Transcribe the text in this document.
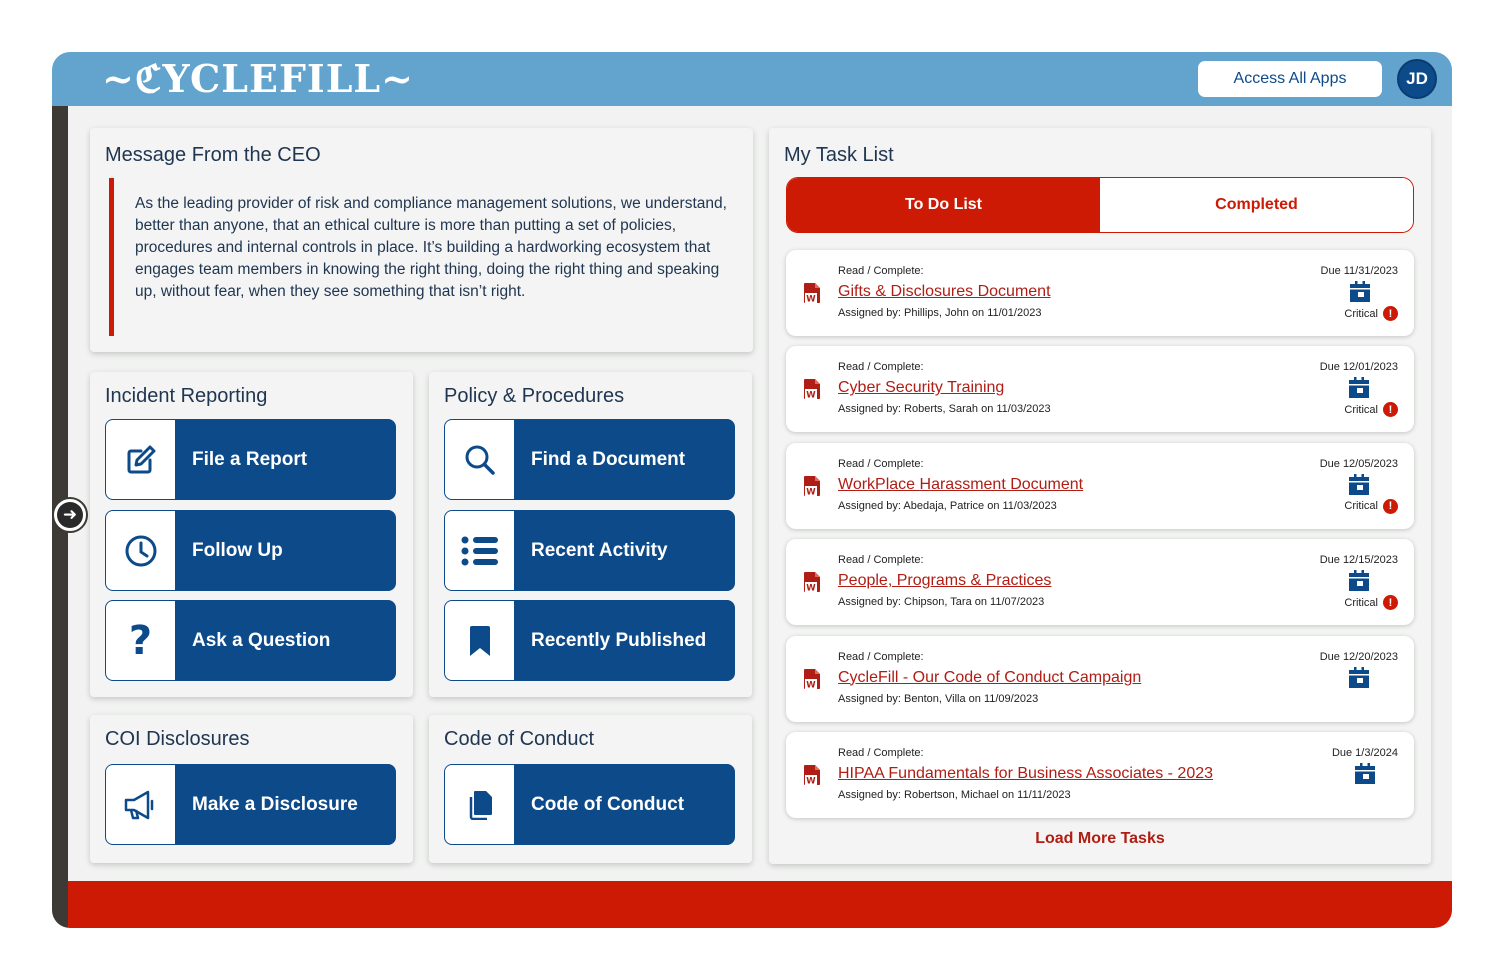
~ℭYCLEFILL~	Access All Apps	JD
➜
Message From the CEO
As the leading provider of risk and compliance management solutions, we understand, better than anyone, that an ethical culture is more than putting a set of policies, procedures and internal controls in place. It’s building a hardworking ecosystem that engages team members in knowing the right thing, doing the right thing and speaking up, without fear, when they see something that isn’t right.
Incident Reporting
File a Report
Follow Up
?	Ask a Question
Policy & Procedures
Find a Document
Recent Activity
Recently Published
COI Disclosures
Make a Disclosure
Code of Conduct
Code of Conduct
My Task List
To Do List	Completed
W
Read / Complete:
Gifts & Disclosures Document
Assigned by: Phillips, John on 11/01/2023
Due 11/31/2023
Critical !
W
Read / Complete:
Cyber Security Training
Assigned by: Roberts, Sarah on 11/03/2023
Due 12/01/2023
Critical !
W
Read / Complete:
WorkPlace Harassment Document
Assigned by: Abedaja, Patrice on 11/03/2023
Due 12/05/2023
Critical !
W
Read / Complete:
People, Programs & Practices
Assigned by: Chipson, Tara on 11/07/2023
Due 12/15/2023
Critical !
W
Read / Complete:
CycleFill - Our Code of Conduct Campaign
Assigned by: Benton, Villa on 11/09/2023
Due 12/20/2023
W
Read / Complete:
HIPAA Fundamentals for Business Associates - 2023
Assigned by: Robertson, Michael on 11/11/2023
Due 1/3/2024
Load More Tasks
